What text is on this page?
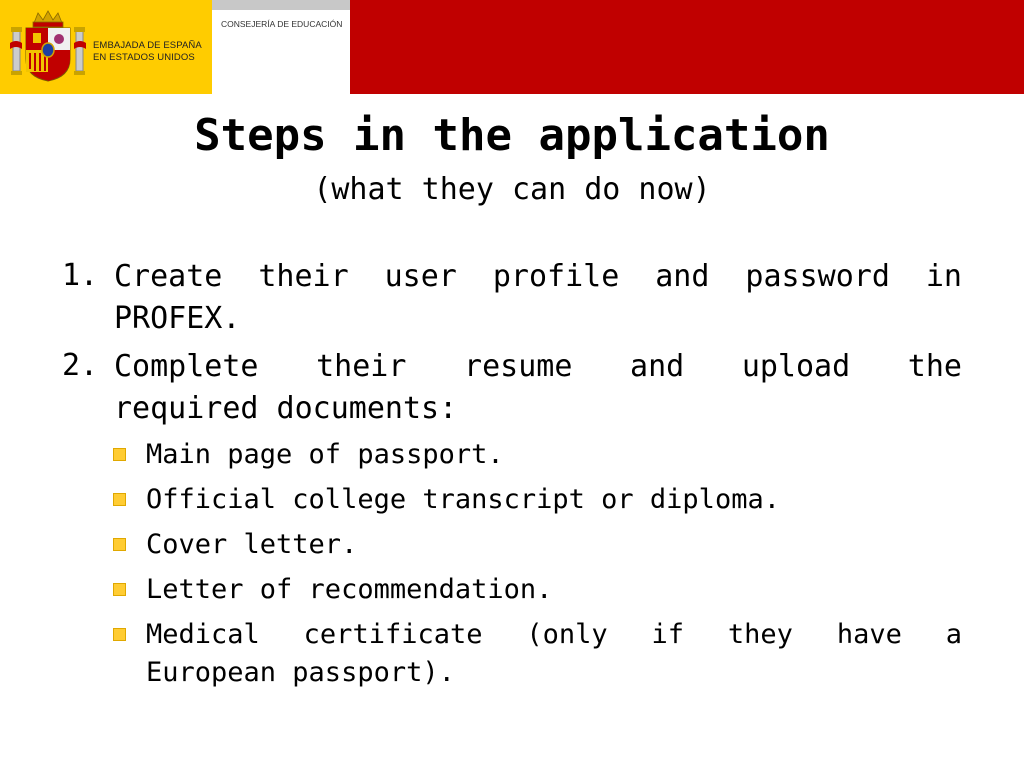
EMBAJADA DE ESPAÑA
EN ESTADOS UNIDOS
CONSEJERÍA DE EDUCACIÓN
Steps in the application
(what they can do now)
1. Create their user profile and password in
PROFEX.
2. Complete their resume and upload the
required documents:
Main page of passport.
Official college transcript or diploma.
Cover letter.
Letter of recommendation.
Medical certificate (only if they have a
European passport).
